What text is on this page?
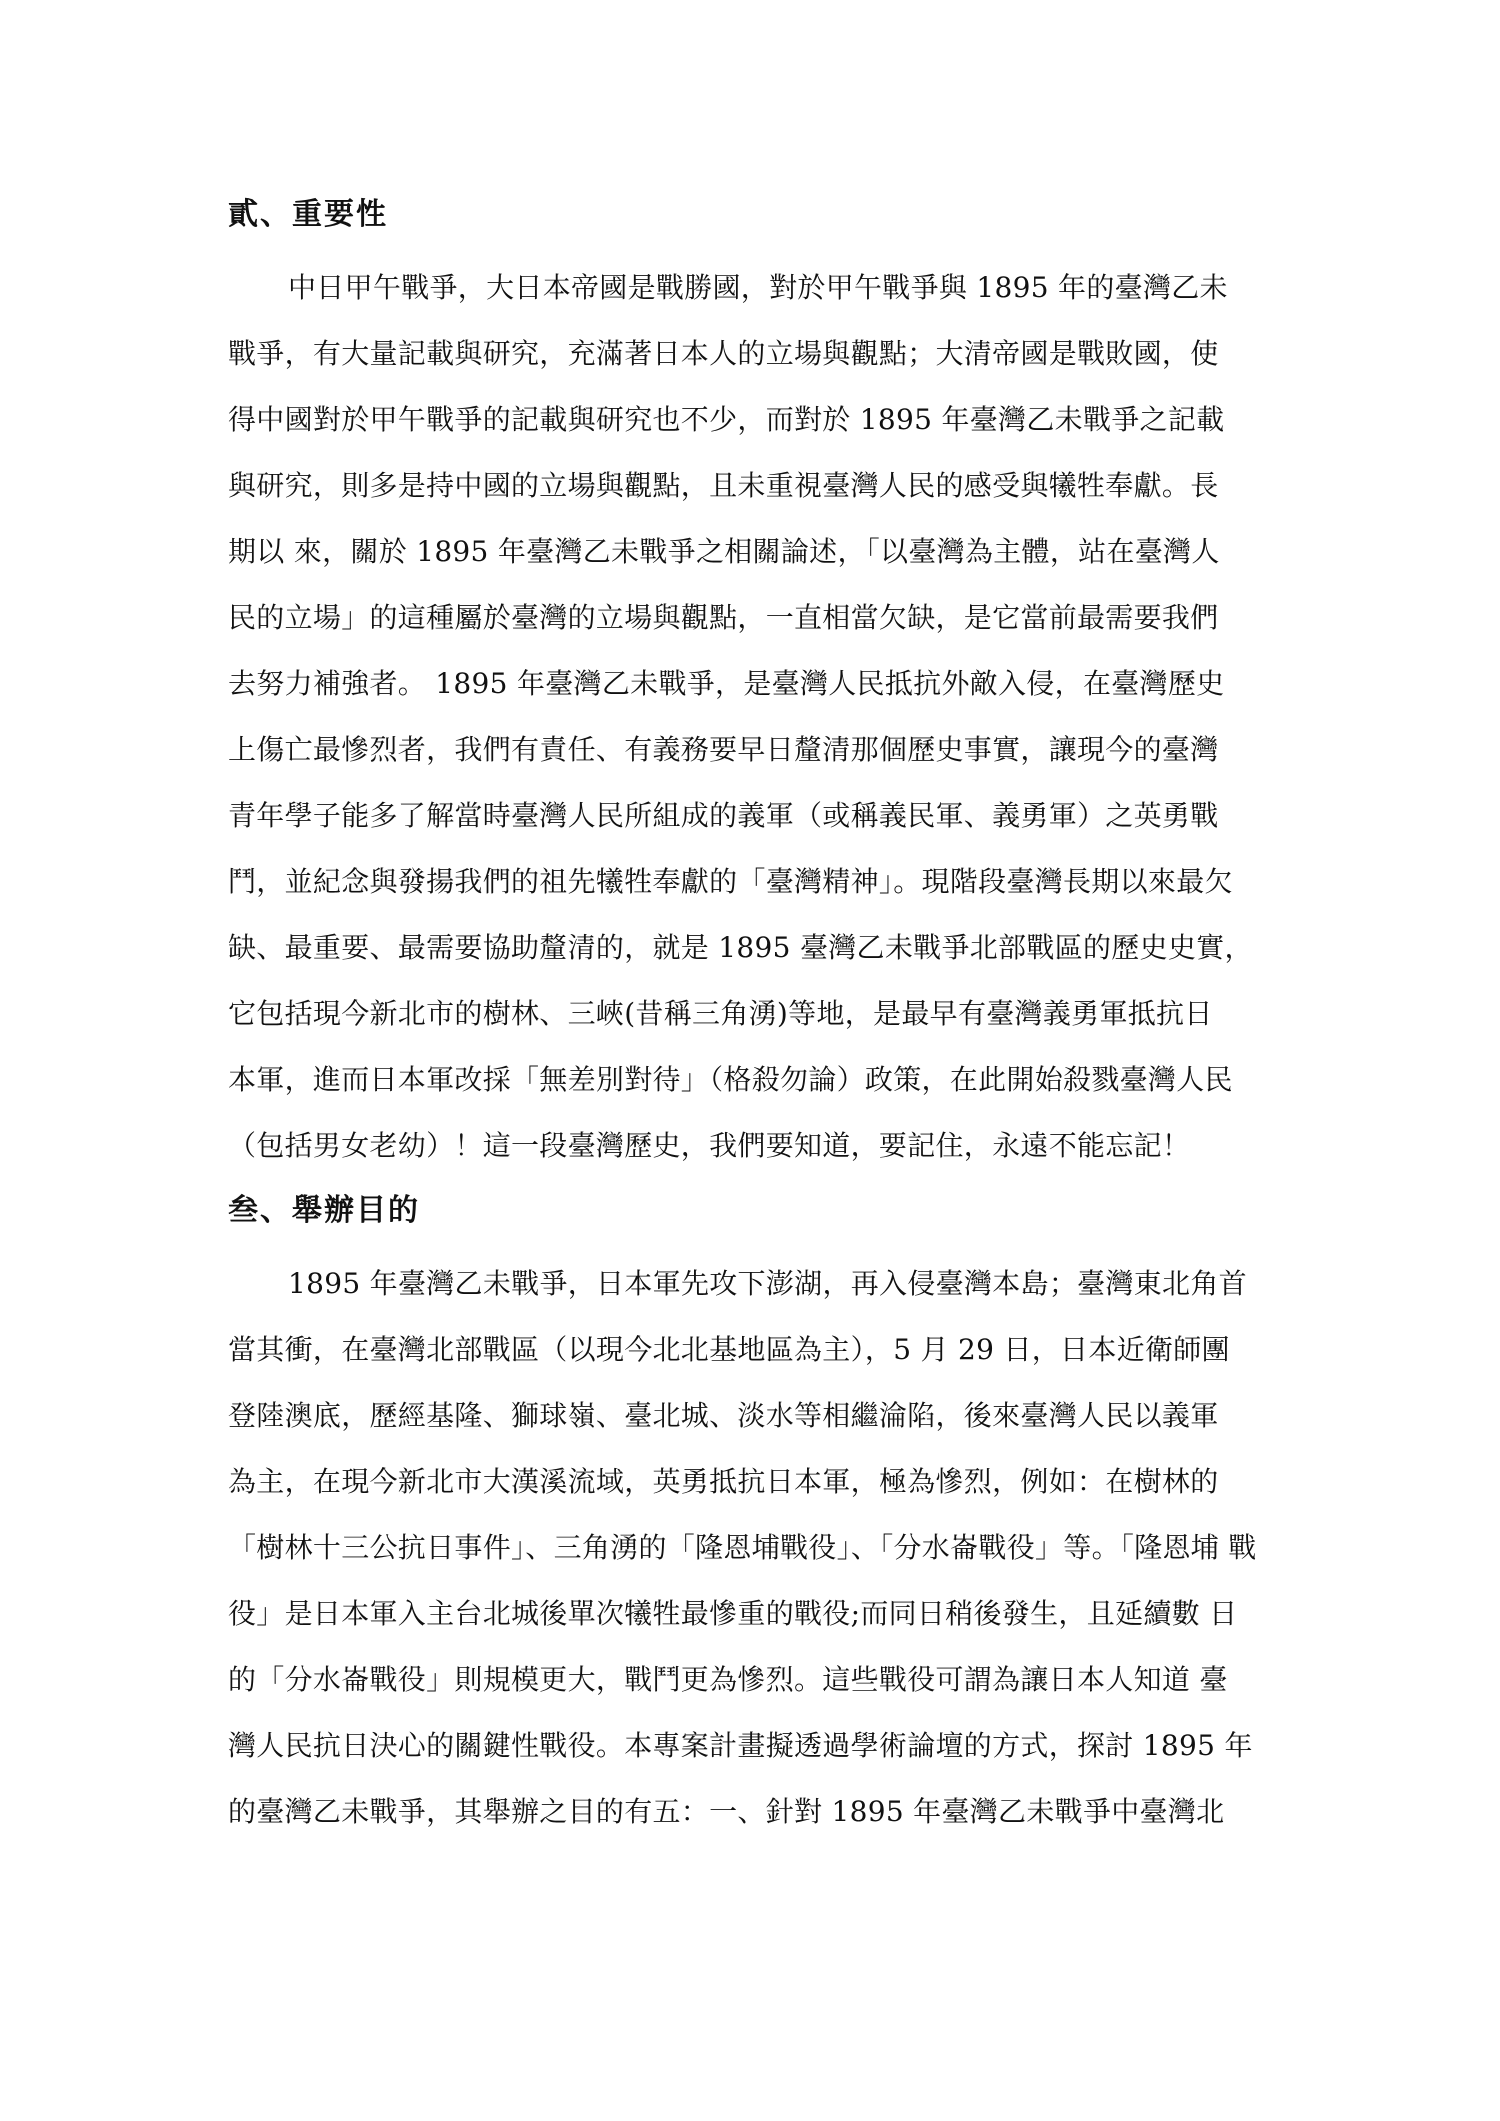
貳、重要性
中日甲午戰爭，大日本帝國是戰勝國，對於甲午戰爭與 1895 年的臺灣乙未
戰爭，有大量記載與研究，充滿著日本人的立場與觀點；大清帝國是戰敗國，使
得中國對於甲午戰爭的記載與研究也不少，而對於 1895 年臺灣乙未戰爭之記載
與研究，則多是持中國的立場與觀點，且未重視臺灣人民的感受與犧牲奉獻。長
期以 來，關於 1895 年臺灣乙未戰爭之相關論述，「以臺灣為主體，站在臺灣人
民的立場」的這種屬於臺灣的立場與觀點，一直相當欠缺，是它當前最需要我們
去努力補強者。 1895 年臺灣乙未戰爭，是臺灣人民抵抗外敵入侵，在臺灣歷史
上傷亡最慘烈者，我們有責任、有義務要早日釐清那個歷史事實，讓現今的臺灣
青年學子能多了解當時臺灣人民所組成的義軍（或稱義民軍、義勇軍）之英勇戰
鬥，並紀念與發揚我們的祖先犧牲奉獻的「臺灣精神」。現階段臺灣長期以來最欠
缺、最重要、最需要協助釐清的，就是 1895 臺灣乙未戰爭北部戰區的歷史史實，
它包括現今新北市的樹林、三峽(昔稱三角湧)等地，是最早有臺灣義勇軍抵抗日
本軍，進而日本軍改採「無差別對待」（格殺勿論）政策，在此開始殺戮臺灣人民
（包括男女老幼）！這一段臺灣歷史，我們要知道，要記住，永遠不能忘記！
叁、舉辦目的
1895 年臺灣乙未戰爭，日本軍先攻下澎湖，再入侵臺灣本島；臺灣東北角首
當其衝，在臺灣北部戰區（以現今北北基地區為主），5 月 29 日，日本近衛師團
登陸澳底，歷經基隆、獅球嶺、臺北城、淡水等相繼淪陷，後來臺灣人民以義軍
為主，在現今新北市大漢溪流域，英勇抵抗日本軍，極為慘烈，例如：在樹林的
「樹林十三公抗日事件」、三角湧的「隆恩埔戰役」、「分水崙戰役」等。「隆恩埔 戰
役」是日本軍入主台北城後單次犧牲最慘重的戰役;而同日稍後發生，且延續數 日
的「分水崙戰役」則規模更大，戰鬥更為慘烈。這些戰役可謂為讓日本人知道 臺
灣人民抗日決心的關鍵性戰役。本專案計畫擬透過學術論壇的方式，探討 1895 年
的臺灣乙未戰爭，其舉辦之目的有五：一、針對 1895 年臺灣乙未戰爭中臺灣北
